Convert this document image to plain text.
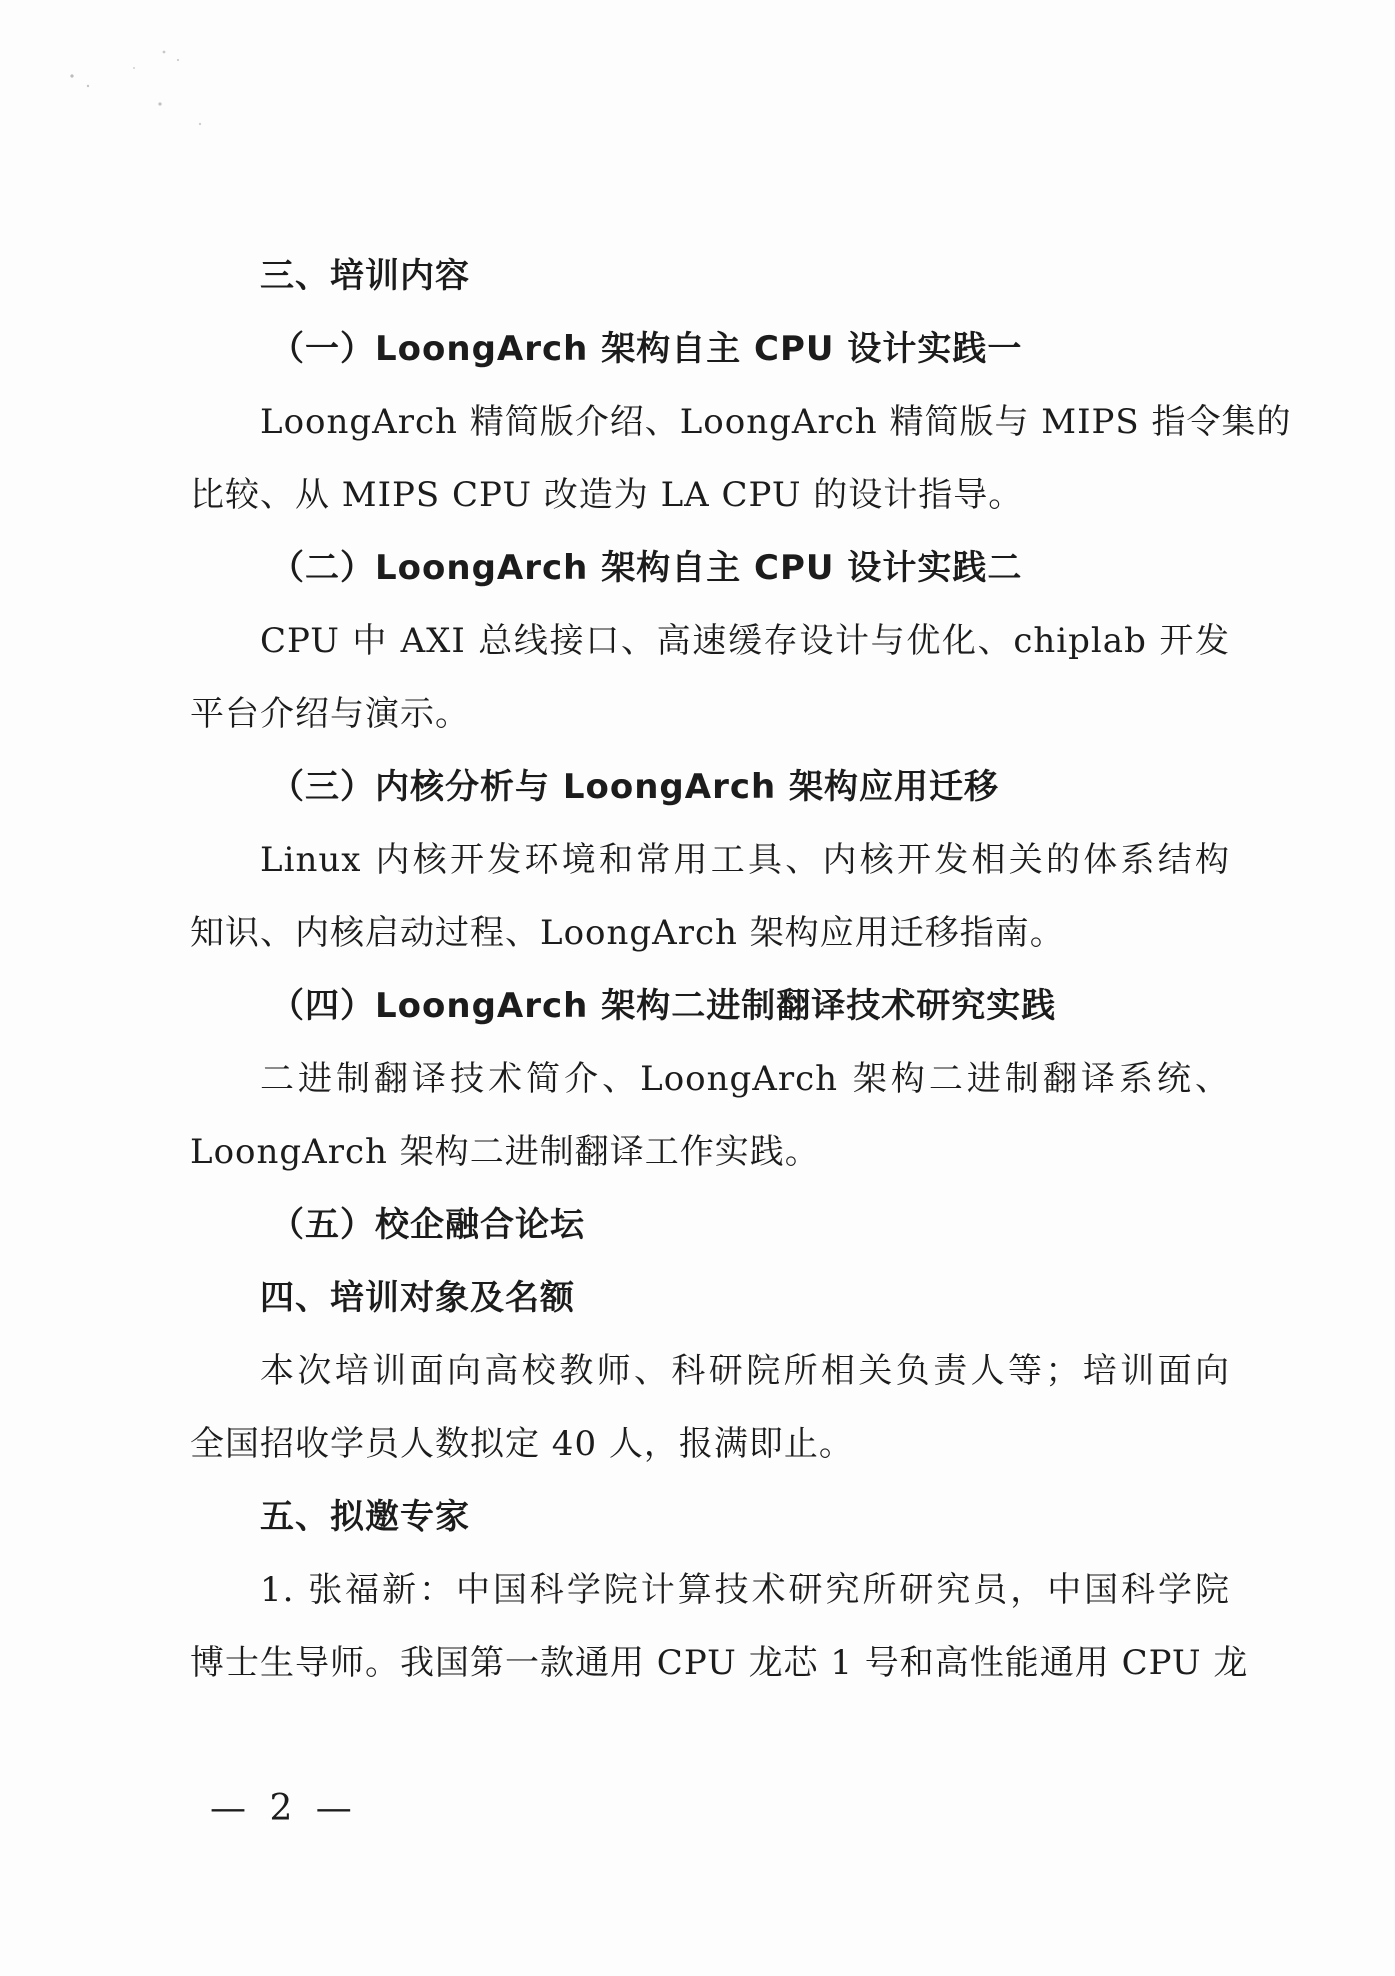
三、培训内容
（一）LoongArch 架构自主 CPU 设计实践一
LoongArch 精简版介绍、LoongArch 精简版与 MIPS 指令集的
比较、从 MIPS CPU 改造为 LA CPU 的设计指导。
（二）LoongArch 架构自主 CPU 设计实践二
CPU 中 AXI 总线接口、高速缓存设计与优化、chiplab 开发
平台介绍与演示。
（三）内核分析与 LoongArch 架构应用迁移
Linux 内核开发环境和常用工具、内核开发相关的体系结构
知识、内核启动过程、LoongArch 架构应用迁移指南。
（四）LoongArch 架构二进制翻译技术研究实践
二进制翻译技术简介、LoongArch 架构二进制翻译系统、
LoongArch 架构二进制翻译工作实践。
（五）校企融合论坛
四、培训对象及名额
本次培训面向高校教师、科研院所相关负责人等；培训面向
全国招收学员人数拟定 40 人，报满即止。
五、拟邀专家
1. 张福新：中国科学院计算技术研究所研究员，中国科学院
博士生导师。我国第一款通用 CPU 龙芯 1 号和高性能通用 CPU 龙
— 2 —
